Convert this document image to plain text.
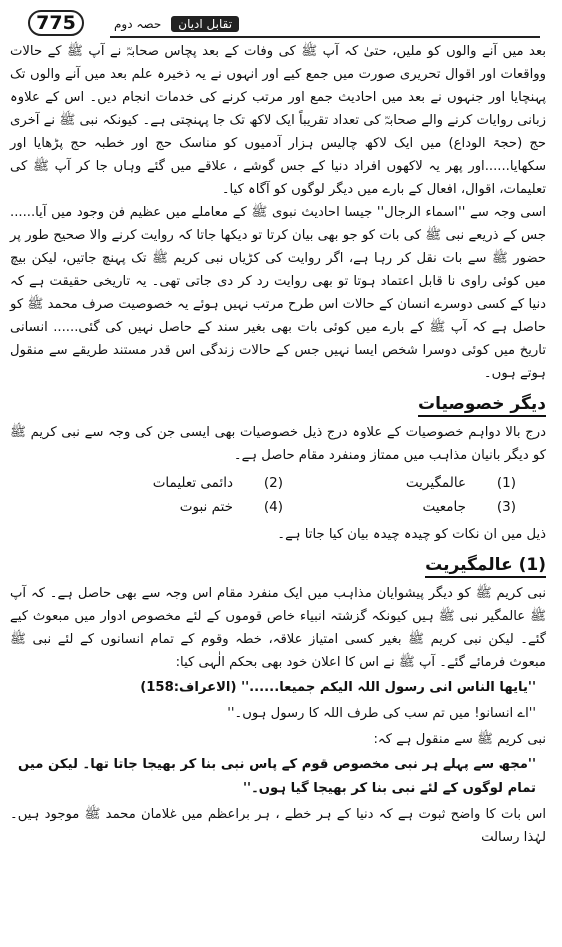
775	تقابل ادیان
حصہ دوم

بعد میں آنے والوں کو ملیں، حتیٰ کہ آپ ﷺ کی وفات کے بعد پچاس صحابہؓ نے آپ ﷺ کے حالات وواقعات اور اقوال تحریری صورت میں جمع کیے اور انہوں نے یہ ذخیرہ علم بعد میں آنے والوں تک پہنچایا اور جنہوں نے بعد میں احادیث جمع اور مرتب کرنے کی خدمات انجام دیں۔ اس کے علاوہ زبانی روایات کرنے والے صحابہؓ کی تعداد تقریباً ایک لاکھ تک جا پہنچتی ہے۔ کیونکہ نبی ﷺ نے آخری حج (حجۃ الوداع) میں ایک لاکھ چالیس ہزار آدمیوں کو مناسک حج اور خطبہ حج پڑھایا اور سکھایا......اور پھر یہ لاکھوں افراد دنیا کے جس گوشے ، علاقے میں گئے وہاں جا کر آپ ﷺ کی تعلیمات، اقوال، افعال کے بارے میں دیگر لوگوں کو آگاہ کیا۔

اسی وجہ سے ''اسماء الرجال'' جیسا احادیث نبوی ﷺ کے معاملے میں عظیم فن وجود میں آیا...... جس کے ذریعے نبی ﷺ کی بات کو جو بھی بیان کرتا تو دیکھا جاتا کہ روایت کرنے والا صحیح طور پر حضور ﷺ سے بات نقل کر رہا ہے، اگر روایت کی کڑیاں نبی کریم ﷺ تک پہنچ جاتیں، لیکن بیچ میں کوئی راوی نا قابل اعتماد ہوتا تو بھی روایت رد کر دی جاتی تھی۔ یہ تاریخی حقیقت ہے کہ دنیا کے کسی دوسرے انسان کے حالات اس طرح مرتب نہیں ہوئے یہ خصوصیت صرف محمد ﷺ کو حاصل ہے کہ آپ ﷺ کے بارے میں کوئی بات بھی بغیر سند کے حاصل نہیں کی گئی...... انسانی تاریخ میں کوئی دوسرا شخص ایسا نہیں جس کے حالات زندگی اس قدر مستند طریقے سے منقول ہوتے ہوں۔

دیگر خصوصیات

درج بالا دواہم خصوصیات کے علاوہ درج ذیل خصوصیات بھی ایسی جن کی وجہ سے نبی کریم ﷺ کو دیگر بانیان مذاہب میں ممتاز ومنفرد مقام حاصل ہے۔

(1)
عالمگیریت
(2)
دائمی تعلیمات
(3)
جامعیت
(4)
ختم نبوت

ذیل میں ان نکات کو چیدہ چیدہ بیان کیا جاتا ہے۔

(1) عالمگیریت

نبی کریم ﷺ کو دیگر پیشوایان مذاہب میں ایک منفرد مقام اس وجہ سے بھی حاصل ہے۔ کہ آپ ﷺ عالمگیر نبی ﷺ ہیں کیونکہ گزشتہ انبیاء خاص قوموں کے لئے مخصوص ادوار میں مبعوث کیے گئے۔ لیکن نبی کریم ﷺ بغیر کسی امتیاز علاقہ، خطہ وقوم کے تمام انسانوں کے لئے نبی ﷺ مبعوث فرمائے گئے۔ آپ ﷺ نے اس کا اعلان خود بھی بحکم الٰہی کیا:

''یایھا الناس انی رسول اللہ الیکم جمیعا......'' (الاعراف:158)
''اے انسانو! میں تم سب کی طرف اللہ کا رسول ہوں۔''

نبی کریم ﷺ سے منقول ہے کہ:

''مجھ سے پہلے ہر نبی مخصوص قوم کے پاس نبی بنا کر بھیجا جاتا تھا۔ لیکن میں تمام لوگوں کے لئے نبی بنا کر بھیجا گیا ہوں۔''

اس بات کا واضح ثبوت ہے کہ دنیا کے ہر خطے ، ہر براعظم میں غلامان محمد ﷺ موجود ہیں۔ لہٰذا رسالت
